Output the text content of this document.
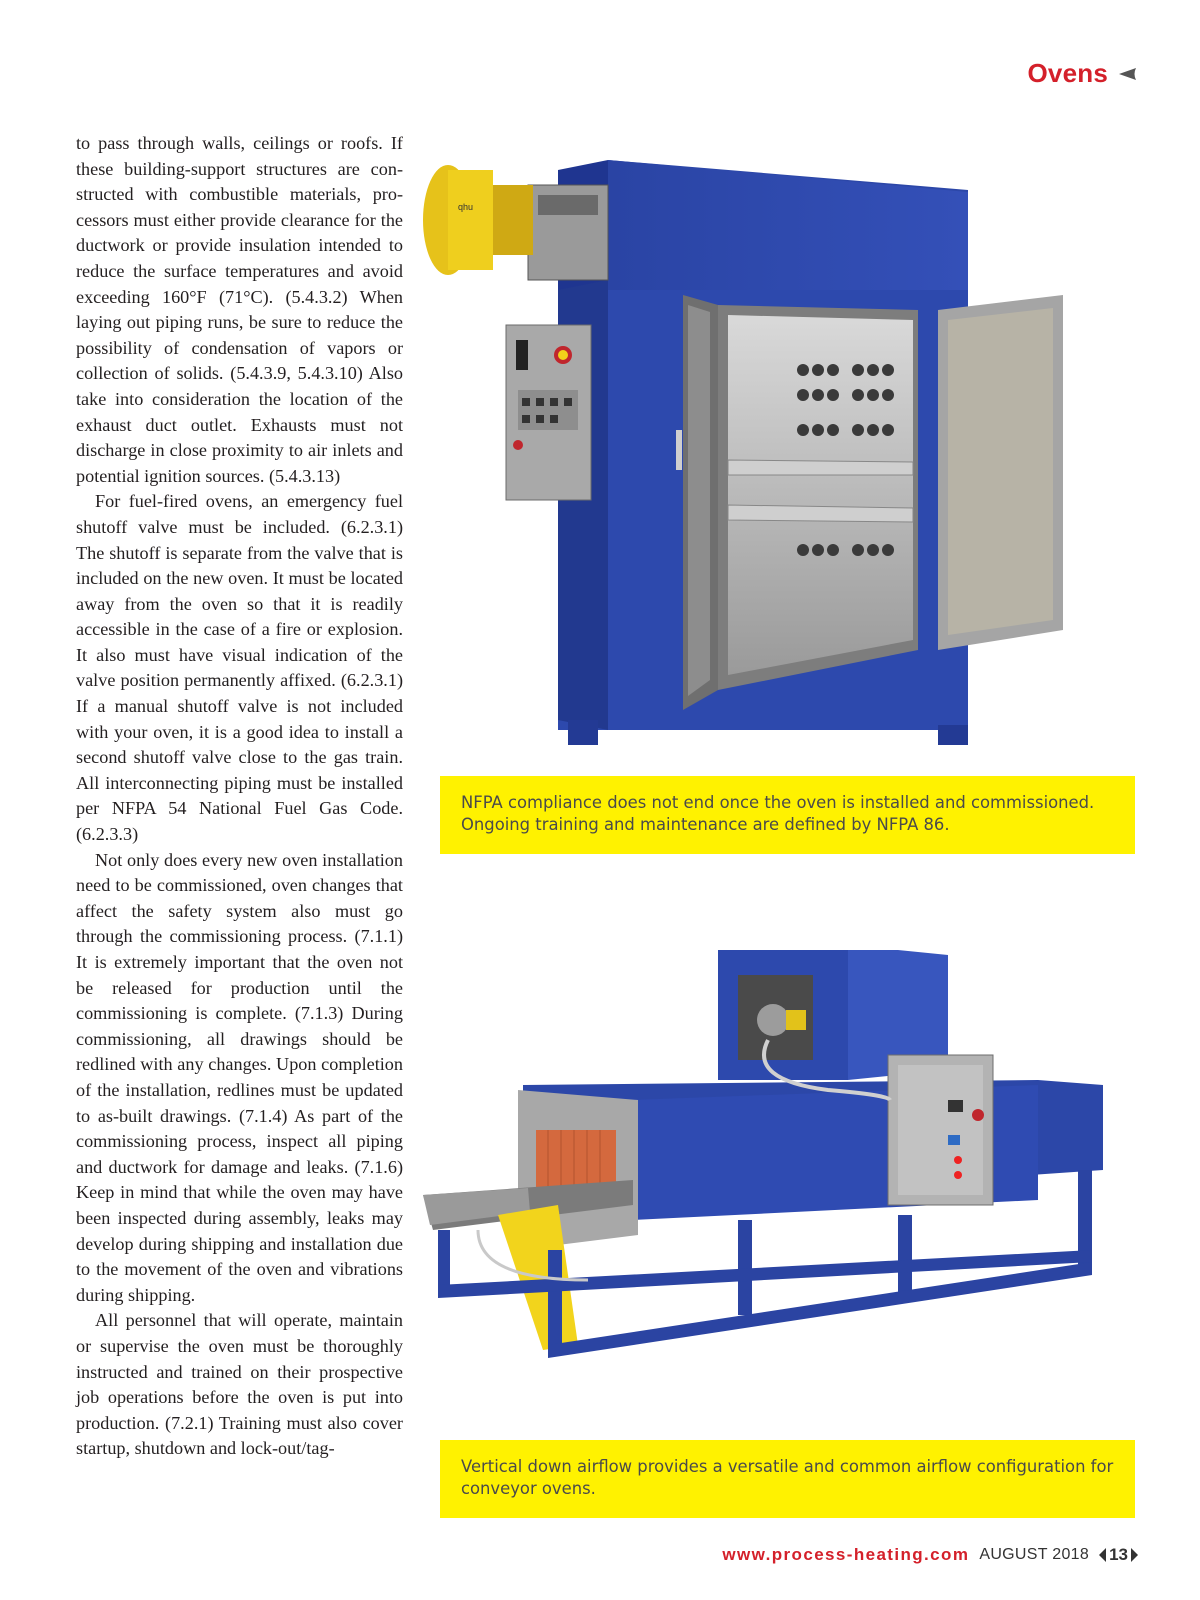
Ovens

to pass through walls, ceilings or roofs. If these building-support structures are constructed with combustible materials, processors must either provide clearance for the ductwork or provide insulation intended to reduce the surface temperatures and avoid exceeding 160°F (71°C). (5.4.3.2) When laying out piping runs, be sure to reduce the possibility of condensation of vapors or collection of solids. (5.4.3.9, 5.4.3.10) Also take into consideration the location of the exhaust duct outlet. Exhausts must not discharge in close proximity to air inlets and potential ignition sources. (5.4.3.13)

For fuel-fired ovens, an emergency fuel shutoff valve must be included. (6.2.3.1) The shutoff is separate from the valve that is included on the new oven. It must be located away from the oven so that it is readily accessible in the case of a fire or explosion. It also must have visual indication of the valve position permanently affixed. (6.2.3.1) If a manual shutoff valve is not included with your oven, it is a good idea to install a second shutoff valve close to the gas train. All interconnecting piping must be installed per NFPA 54 National Fuel Gas Code. (6.2.3.3)

Not only does every new oven installation need to be commissioned, oven changes that affect the safety system also must go through the commissioning process. (7.1.1) It is extremely important that the oven not be released for production until the commissioning is complete. (7.1.3) During commissioning, all drawings should be redlined with any changes. Upon completion of the installation, redlines must be updated to as-built drawings. (7.1.4) As part of the commissioning process, inspect all piping and ductwork for damage and leaks. (7.1.6) Keep in mind that while the oven may have been inspected during assembly, leaks may develop during shipping and installation due to the movement of the oven and vibrations during shipping.

All personnel that will operate, maintain or supervise the oven must be thoroughly instructed and trained on their prospective job operations before the oven is put into production. (7.2.1) Training must also cover startup, shutdown and lock-out/tag-

qhu
NFPA compliance does not end once the oven is installed and commissioned. Ongoing training and maintenance are defined by NFPA 86.
Vertical down airflow provides a versatile and common airflow configuration for conveyor ovens.
www.process-heating.com AUGUST 2018 13
